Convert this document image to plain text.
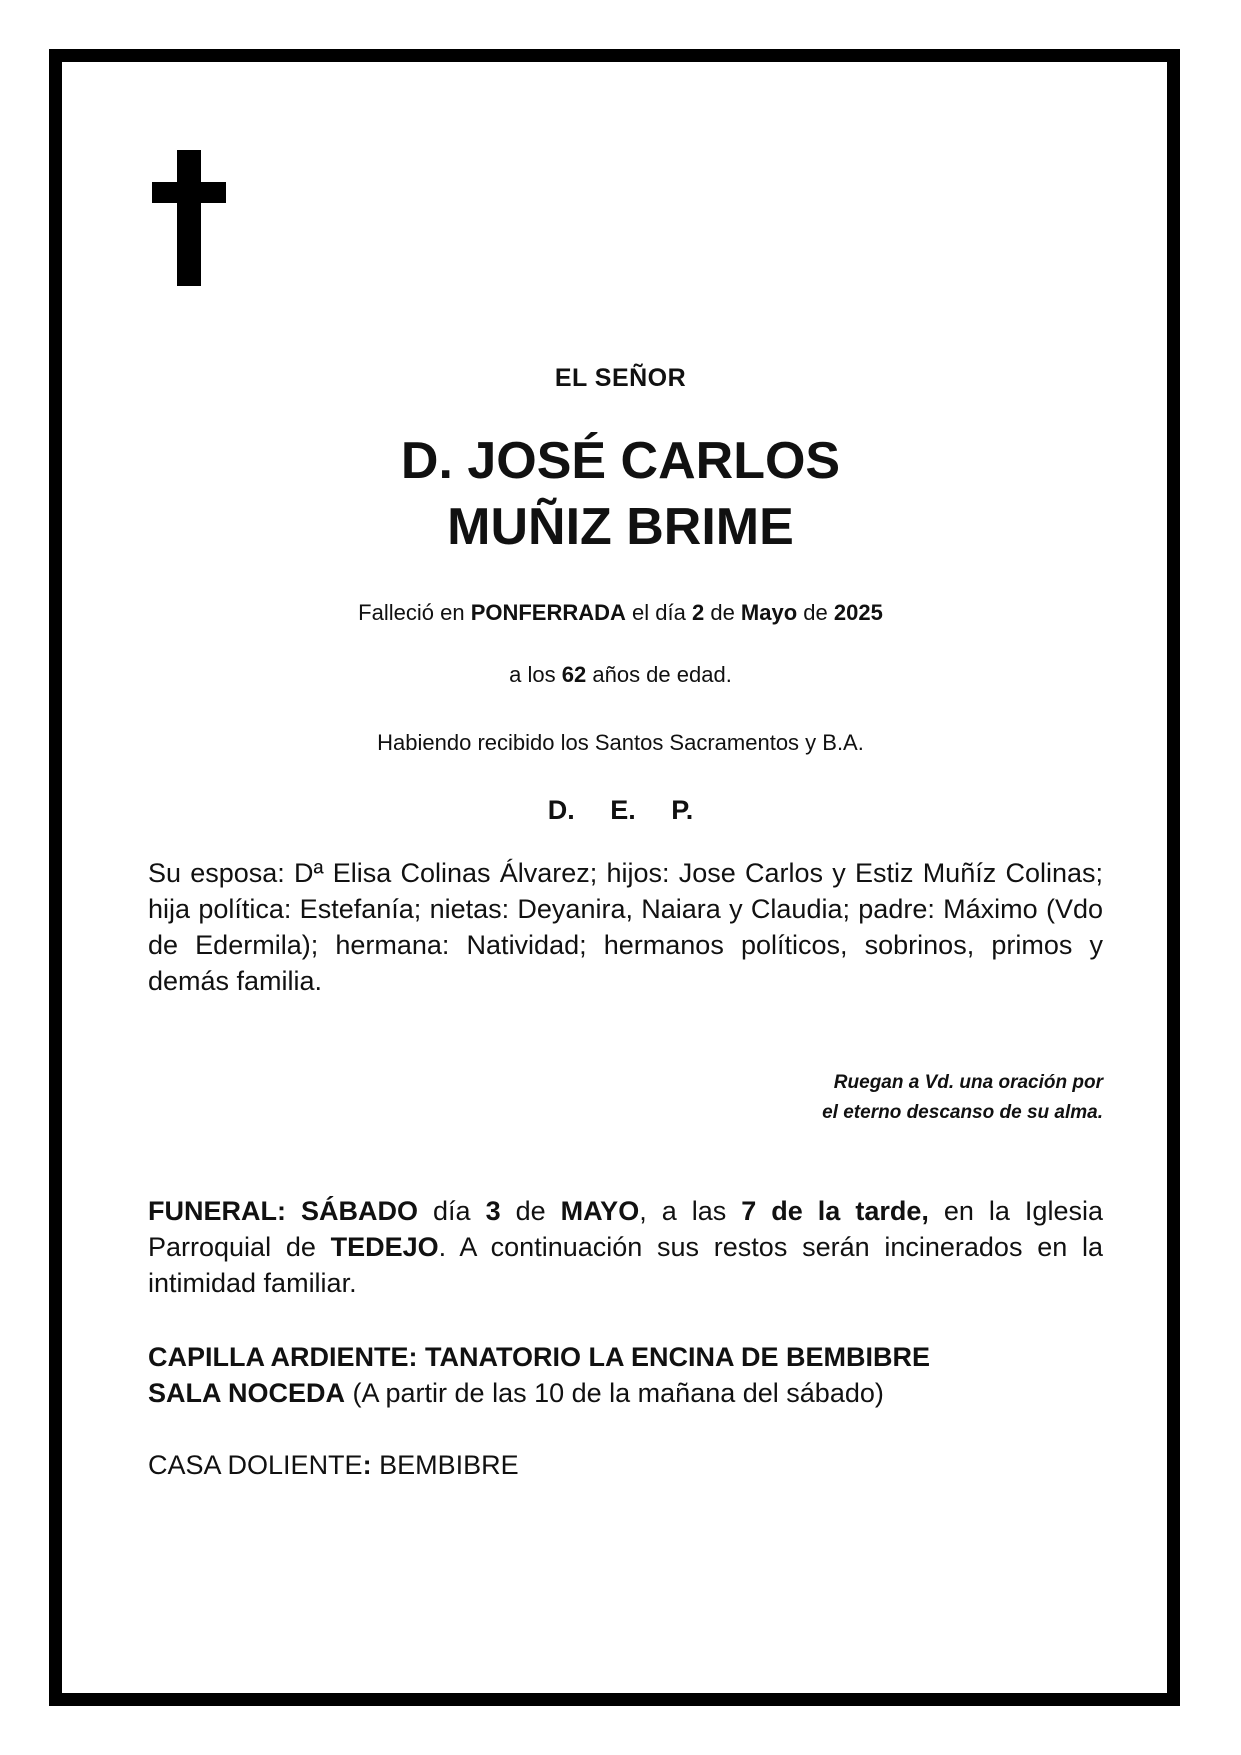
EL SEÑOR
D. JOSÉ CARLOS
MUÑIZ BRIME
Falleció en PONFERRADA el día 2 de Mayo de 2025
a los 62 años de edad.
Habiendo recibido los Santos Sacramentos y B.A.
D. E. P.
Su esposa: Dª Elisa Colinas Álvarez; hijos: Jose Carlos y Estiz Muñíz Colinas; hija política: Estefanía; nietas: Deyanira, Naiara y Claudia; padre: Máximo (Vdo de Edermila); hermana: Natividad; hermanos políticos, sobrinos, primos y demás familia.
Ruegan a Vd. una oración por
el eterno descanso de su alma.
FUNERAL: SÁBADO día 3 de MAYO, a las 7 de la tarde, en la Iglesia Parroquial de TEDEJO. A continuación sus restos serán incinerados en la intimidad familiar.
CAPILLA ARDIENTE: TANATORIO LA ENCINA DE BEMBIBRE
SALA NOCEDA (A partir de las 10 de la mañana del sábado)
CASA DOLIENTE: BEMBIBRE
